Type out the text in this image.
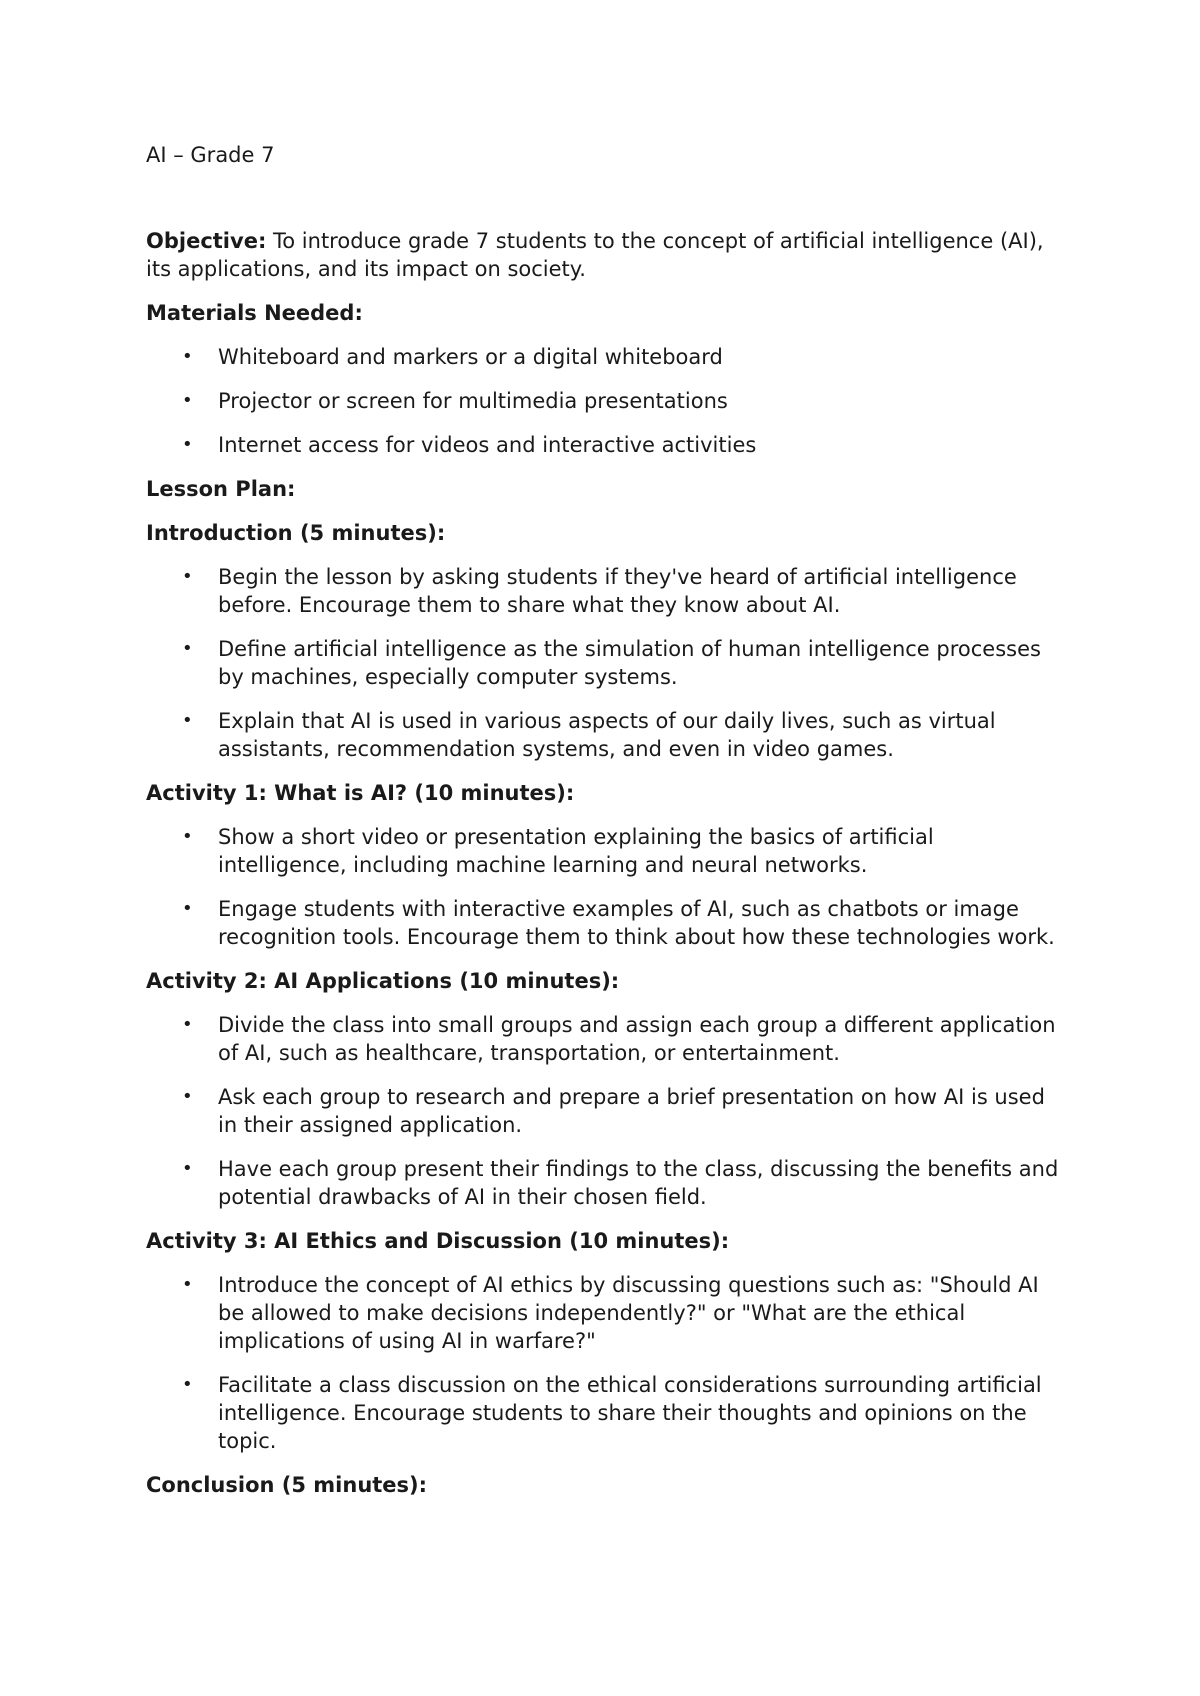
AI – Grade 7

Objective: To introduce grade 7 students to the concept of artificial intelligence (AI), its applications, and its impact on society.

Materials Needed:

• Whiteboard and markers or a digital whiteboard
• Projector or screen for multimedia presentations
• Internet access for videos and interactive activities

Lesson Plan:

Introduction (5 minutes):

• Begin the lesson by asking students if they've heard of artificial intelligence before. Encourage them to share what they know about AI.
• Define artificial intelligence as the simulation of human intelligence processes by machines, especially computer systems.
• Explain that AI is used in various aspects of our daily lives, such as virtual assistants, recommendation systems, and even in video games.

Activity 1: What is AI? (10 minutes):

• Show a short video or presentation explaining the basics of artificial intelligence, including machine learning and neural networks.
• Engage students with interactive examples of AI, such as chatbots or image recognition tools. Encourage them to think about how these technologies work.

Activity 2: AI Applications (10 minutes):

• Divide the class into small groups and assign each group a different application of AI, such as healthcare, transportation, or entertainment.
• Ask each group to research and prepare a brief presentation on how AI is used in their assigned application.
• Have each group present their findings to the class, discussing the benefits and potential drawbacks of AI in their chosen field.

Activity 3: AI Ethics and Discussion (10 minutes):

• Introduce the concept of AI ethics by discussing questions such as: "Should AI be allowed to make decisions independently?" or "What are the ethical implications of using AI in warfare?"
• Facilitate a class discussion on the ethical considerations surrounding artificial intelligence. Encourage students to share their thoughts and opinions on the topic.

Conclusion (5 minutes):
